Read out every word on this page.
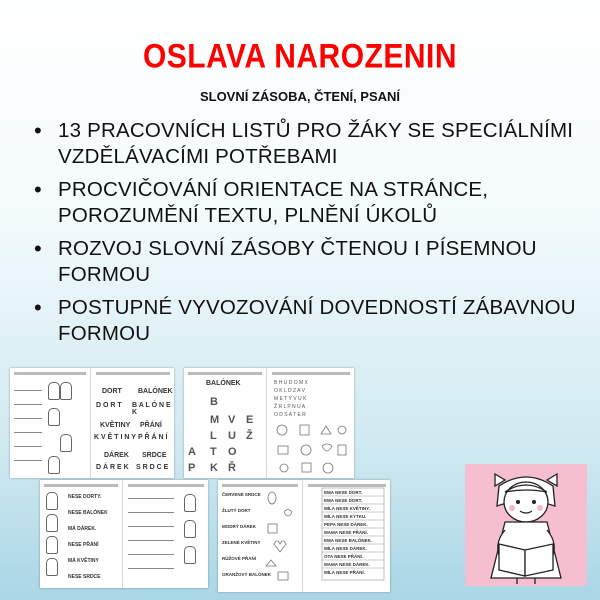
OSLAVA NAROZENIN
SLOVNÍ ZÁSOBA, ČTENÍ, PSANÍ
• 13 PRACOVNÍCH LISTŮ PRO ŽÁKY SE SPECIÁLNÍMI VZDĚLÁVACÍMI POTŘEBAMI
• PROCVIČOVÁNÍ ORIENTACE NA STRÁNCE, POROZUMĚNÍ TEXTU, PLNĚNÍ ÚKOLŮ
• ROZVOJ SLOVNÍ ZÁSOBY ČTENOU I PÍSEMNOU FORMOU
• POSTUPNÉ VYVOZOVÁNÍ DOVEDNOSTÍ ZÁBAVNOU FORMOU
DORT BALÓNEK
D O R T B A L Ó N E K
KVĚTINY PŘÁNÍ
K V Ě T I N Y P Ř Á N Í
DÁREK SRDCE
D Á R E K S R D C E
BALÓNEK
B
M V E
L U Ž
A T O
P K Ř
B H U D O M X
O K L D Z A V
M E T Ý V U K
Ž R L P N U A
O D S A T E R
NESE DORTY.
NESE BALÓNEK
MÁ DÁREK.
NESE PŘÁNÍ
MÁ KVĚTINY
NESE SRDCE
ČERVENÉ SRDCE
ŽLUTÝ DORT
MODRÝ DÁREK
ZELENÉ KVĚTINY
RŮŽOVÉ PŘÁNÍ
ORANŽOVÝ BALÓNEK
EMA NESE DORT.
EMA NESE DORT.
MÍLA NESE KVĚTINY.
MÍLA NESE KYTKU.
PEPA NESE DÁREK.
MAMA NESE PŘÁNÍ.
EMA NESE BALÓNEK.
MÍLA NESE DÁREK.
OTA NESE PŘÁNÍ.
MAMA NESE DÁREK.
MÍLA NESE PŘÁNÍ.
